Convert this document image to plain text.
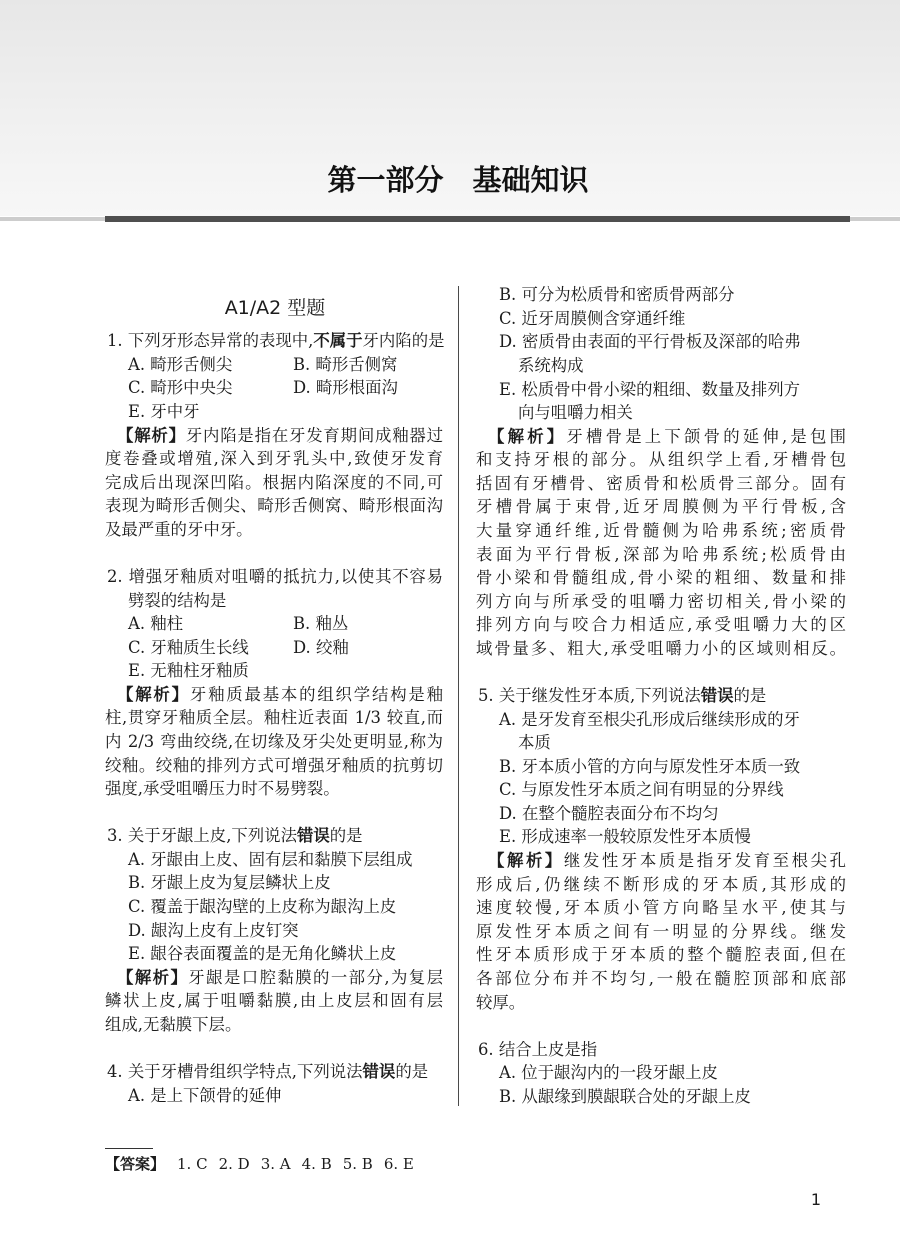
第一部分　基础知识
A1/A2 型题
1. 下列牙形态异常的表现中,不属于牙内陷的是
A. 畸形舌侧尖	B. 畸形舌侧窝
C. 畸形中央尖	D. 畸形根面沟
E. 牙中牙
【解析】牙内陷是指在牙发育期间成釉器过
度卷叠或增殖,深入到牙乳头中,致使牙发育
完成后出现深凹陷。根据内陷深度的不同,可
表现为畸形舌侧尖、畸形舌侧窝、畸形根面沟
及最严重的牙中牙。
2. 增强牙釉质对咀嚼的抵抗力,以使其不容易
劈裂的结构是
A. 釉柱	B. 釉丛
C. 牙釉质生长线	D. 绞釉
E. 无釉柱牙釉质
【解析】牙釉质最基本的组织学结构是釉
柱,贯穿牙釉质全层。釉柱近表面 1/3 较直,而
内 2/3 弯曲绞绕,在切缘及牙尖处更明显,称为
绞釉。绞釉的排列方式可增强牙釉质的抗剪切
强度,承受咀嚼压力时不易劈裂。
3. 关于牙龈上皮,下列说法错误的是
A. 牙龈由上皮、固有层和黏膜下层组成
B. 牙龈上皮为复层鳞状上皮
C. 覆盖于龈沟壁的上皮称为龈沟上皮
D. 龈沟上皮有上皮钉突
E. 龈谷表面覆盖的是无角化鳞状上皮
【解析】牙龈是口腔黏膜的一部分,为复层
鳞状上皮,属于咀嚼黏膜,由上皮层和固有层
组成,无黏膜下层。
4. 关于牙槽骨组织学特点,下列说法错误的是
A. 是上下颌骨的延伸
B. 可分为松质骨和密质骨两部分
C. 近牙周膜侧含穿通纤维
D. 密质骨由表面的平行骨板及深部的哈弗
系统构成
E. 松质骨中骨小梁的粗细、数量及排列方
向与咀嚼力相关
【解析】牙槽骨是上下颌骨的延伸,是包围
和支持牙根的部分。从组织学上看,牙槽骨包
括固有牙槽骨、密质骨和松质骨三部分。固有
牙槽骨属于束骨,近牙周膜侧为平行骨板,含
大量穿通纤维,近骨髓侧为哈弗系统;密质骨
表面为平行骨板,深部为哈弗系统;松质骨由
骨小梁和骨髓组成,骨小梁的粗细、数量和排
列方向与所承受的咀嚼力密切相关,骨小梁的
排列方向与咬合力相适应,承受咀嚼力大的区
域骨量多、粗大,承受咀嚼力小的区域则相反。
5. 关于继发性牙本质,下列说法错误的是
A. 是牙发育至根尖孔形成后继续形成的牙
本质
B. 牙本质小管的方向与原发性牙本质一致
C. 与原发性牙本质之间有明显的分界线
D. 在整个髓腔表面分布不均匀
E. 形成速率一般较原发性牙本质慢
【解析】继发性牙本质是指牙发育至根尖孔
形成后,仍继续不断形成的牙本质,其形成的
速度较慢,牙本质小管方向略呈水平,使其与
原发性牙本质之间有一明显的分界线。继发
性牙本质形成于牙本质的整个髓腔表面,但在
各部位分布并不均匀,一般在髓腔顶部和底部
较厚。
6. 结合上皮是指
A. 位于龈沟内的一段牙龈上皮
B. 从龈缘到膜龈联合处的牙龈上皮
【答案】 1. C 2. D 3. A 4. B 5. B 6. E
1
